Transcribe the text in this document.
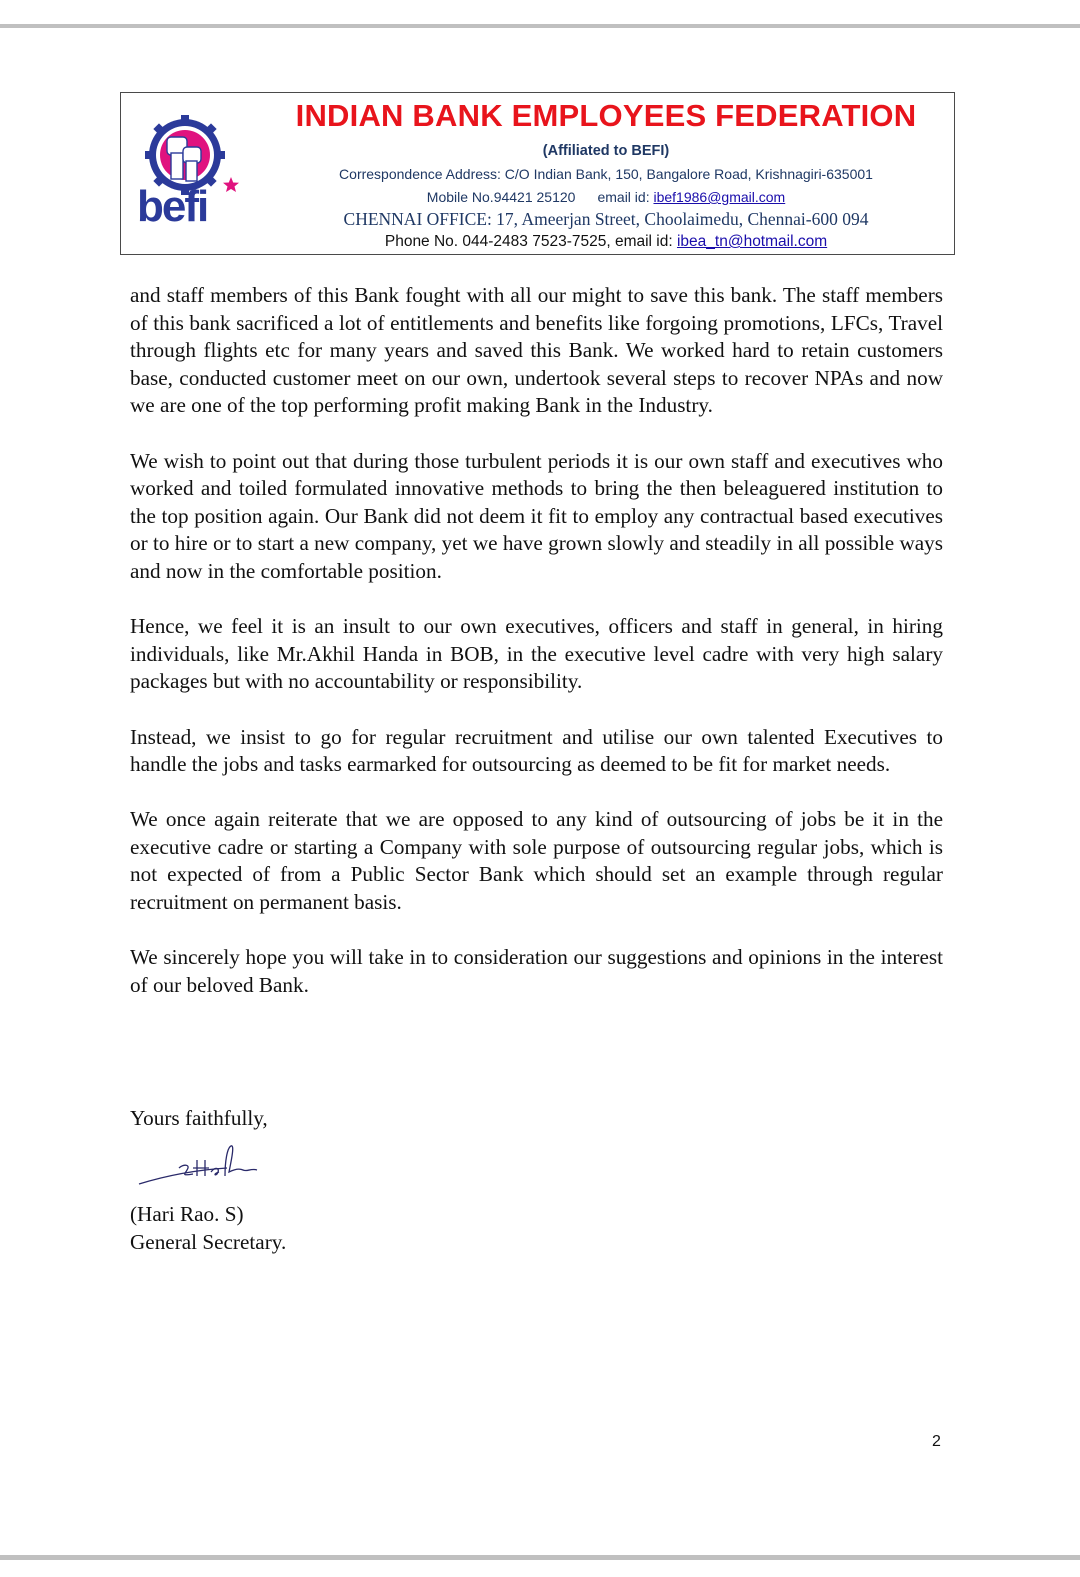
befi
INDIAN BANK EMPLOYEES FEDERATION
(Affiliated to BEFI)
Correspondence Address: C/O Indian Bank, 150, Bangalore Road, Krishnagiri-635001
Mobile No.94421 25120 email id: ibef1986@gmail.com
CHENNAI OFFICE: 17, Ameerjan Street, Choolaimedu, Chennai-600 094
Phone No. 044-2483 7523-7525, email id: ibea_tn@hotmail.com

and staff members of this Bank fought with all our might to save this bank. The staff members of this bank sacrificed a lot of entitlements and benefits like forgoing promotions, LFCs, Travel through flights etc for many years and saved this Bank. We worked hard to retain customers base, conducted customer meet on our own, undertook several steps to recover NPAs and now we are one of the top performing profit making Bank in the Industry.

We wish to point out that during those turbulent periods it is our own staff and executives who worked and toiled formulated innovative methods to bring the then beleaguered institution to the top position again. Our Bank did not deem it fit to employ any contractual based executives or to hire or to start a new company, yet we have grown slowly and steadily in all possible ways and now in the comfortable position.

Hence, we feel it is an insult to our own executives, officers and staff in general, in hiring individuals, like Mr.Akhil Handa in BOB, in the executive level cadre with very high salary packages but with no accountability or responsibility.

Instead, we insist to go for regular recruitment and utilise our own talented Executives to handle the jobs and tasks earmarked for outsourcing as deemed to be fit for market needs.

We once again reiterate that we are opposed to any kind of outsourcing of jobs be it in the executive cadre or starting a Company with sole purpose of outsourcing regular jobs, which is not expected of from a Public Sector Bank which should set an example through regular recruitment on permanent basis.

We sincerely hope you will take in to consideration our suggestions and opinions in the interest of our beloved Bank.

Yours faithfully,
(Hari Rao. S)
General Secretary.
2
